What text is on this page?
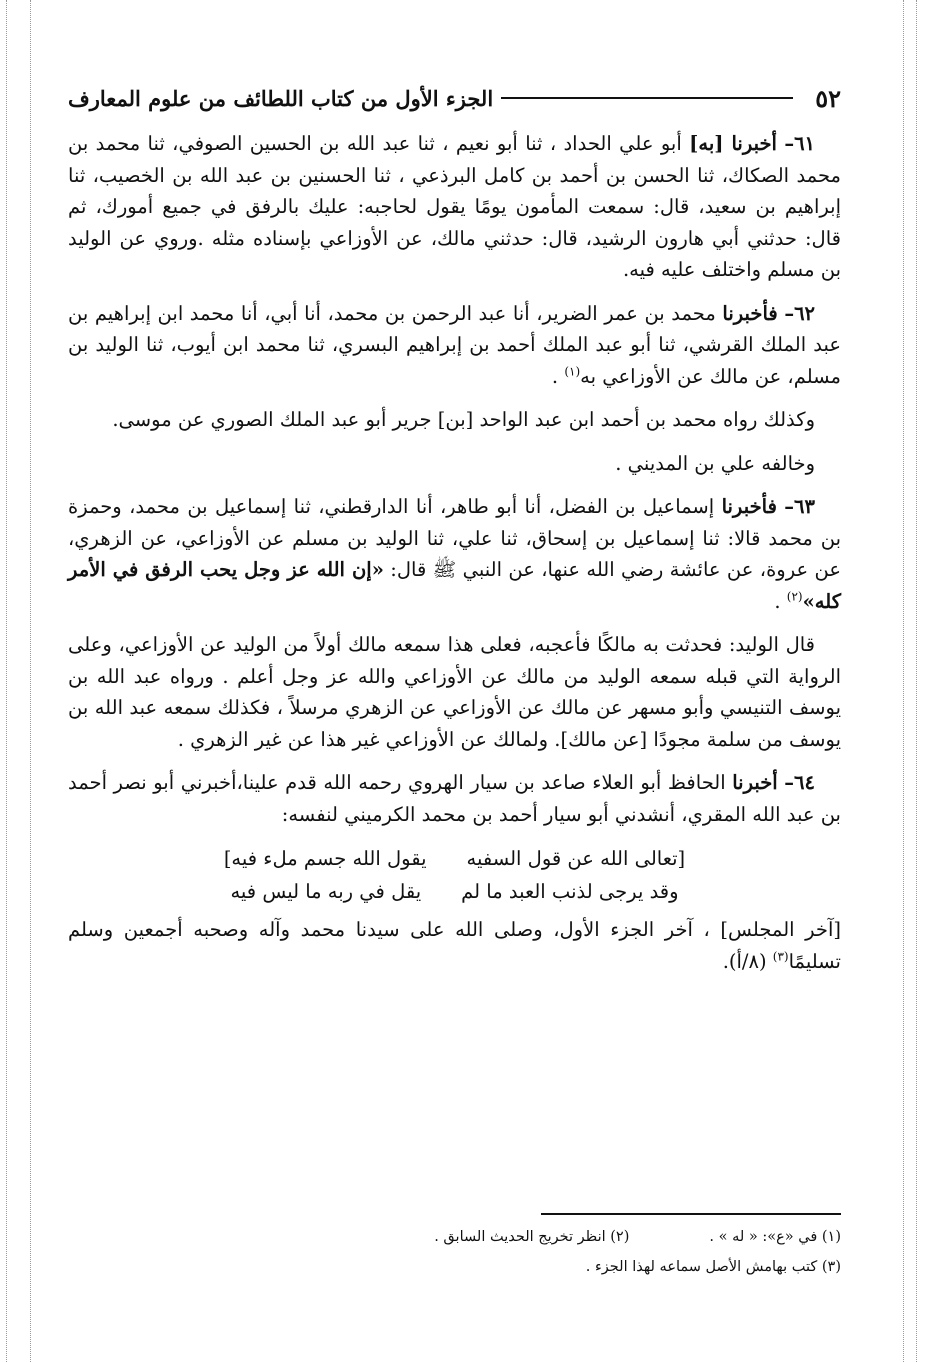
٥٢
الجزء الأول من كتاب اللطائف من علوم المعارف

٦١– أخبرنا [به] أبو علي الحداد ، ثنا أبو نعيم ، ثنا عبد الله بن الحسين الصوفي، ثنا محمد بن محمد الصكاك، ثنا الحسن بن أحمد بن كامل البرذعي ، ثنا الحسنين بن عبد الله بن الخصيب، ثنا إبراهيم بن سعيد، قال: سمعت المأمون يومًا يقول لحاجبه: عليك بالرفق في جميع أمورك، ثم قال: حدثني أبي هارون الرشيد، قال: حدثني مالك، عن الأوزاعي بإسناده مثله .وروي عن الوليد بن مسلم واختلف عليه فيه.

٦٢– فأخبرنا محمد بن عمر الضرير، أنا عبد الرحمن بن محمد، أنا أبي، أنا محمد ابن إبراهيم بن عبد الملك القرشي، ثنا أبو عبد الملك أحمد بن إبراهيم البسري، ثنا محمد ابن أيوب، ثنا الوليد بن مسلم، عن مالك عن الأوزاعي به$^{(١)}$ .

وكذلك رواه محمد بن أحمد ابن عبد الواحد [بن] جرير أبو عبد الملك الصوري عن موسى.

وخالفه علي بن المديني .

٦٣– فأخبرنا إسماعيل بن الفضل، أنا أبو طاهر، أنا الدارقطني، ثنا إسماعيل بن محمد، وحمزة بن محمد قالا: ثنا إسماعيل بن إسحاق، ثنا علي، ثنا الوليد بن مسلم عن الأوزاعي، عن الزهري، عن عروة، عن عائشة رضي الله عنها، عن النبي ﷺ قال: «إن الله عز وجل يحب الرفق في الأمر كله»$^{(٢)}$ .

قال الوليد: فحدثت به مالكًا فأعجبه، فعلى هذا سمعه مالك أولاً من الوليد عن الأوزاعي، وعلى الرواية التي قبله سمعه الوليد من مالك عن الأوزاعي والله عز وجل أعلم . ورواه عبد الله بن يوسف التنيسي وأبو مسهر عن مالك عن الأوزاعي عن الزهري مرسلاً ، فكذلك سمعه عبد الله بن يوسف من سلمة مجودًا [عن مالك]. ولمالك عن الأوزاعي غير هذا عن غير الزهري .

٦٤– أخبرنا الحافظ أبو العلاء صاعد بن سيار الهروي رحمه الله قدم علينا،أخبرني أبو نصر أحمد بن عبد الله المقري، أنشدني أبو سيار أحمد بن محمد الكرميني لنفسه:

[تعالى الله عن قول السفيه
يقول الله جسم ملء فيه]
وقد يرجى لذنب العبد ما لم
يقل في ربه ما ليس فيه

[آخر المجلس] ، آخر الجزء الأول، وصلى الله على سيدنا محمد وآله وصحبه أجمعين وسلم تسليمًا$^{(٣)}$ (٨/أ).

(١) في «ع»: « له » .
(٢) انظر تخريج الحديث السابق .
(٣) كتب بهامش الأصل سماعه لهذا الجزء .
